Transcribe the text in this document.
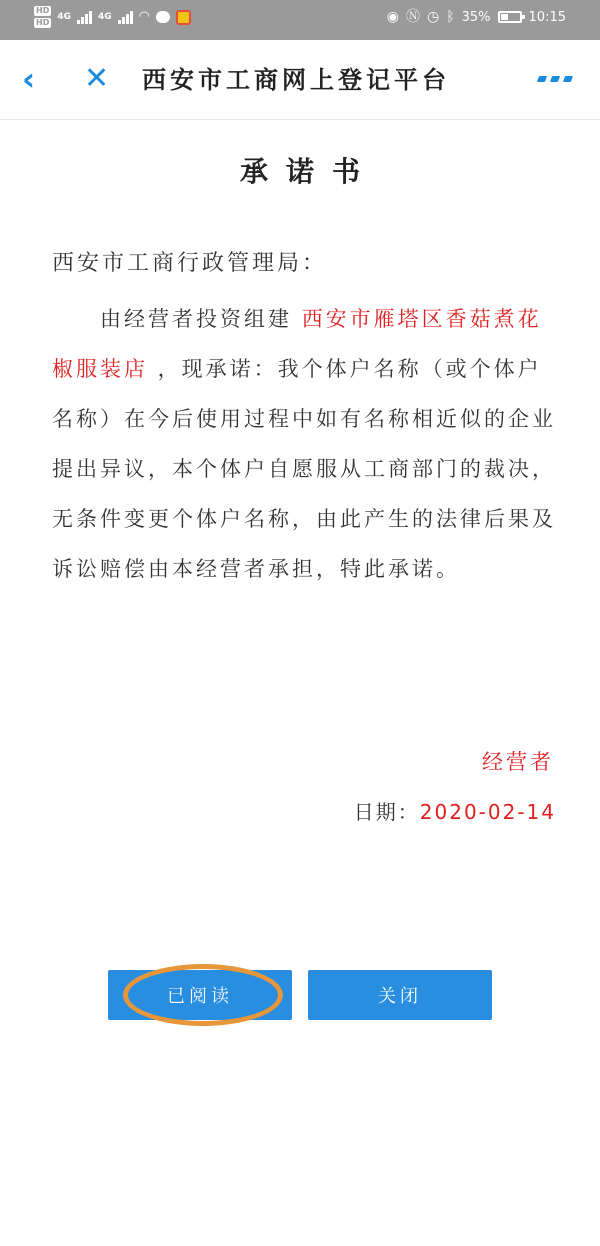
HD
HD
4G	4G ◠	◉ Ⓝ ◷ ᛒ 35%	10:15
‹	✕ 西安市工商网上登记平台
承诺书
西安市工商行政管理局：
由经营者投资组建 西安市雁塔区香菇煮花椒服装店 ，现承诺：我个体户名称（或个体户名称）在今后使用过程中如有名称相近似的企业提出异议，本个体户自愿服从工商部门的裁决，无条件变更个体户名称，由此产生的法律后果及诉讼赔偿由本经营者承担，特此承诺。
经营者
日期：2020-02-14
已阅读	关闭
